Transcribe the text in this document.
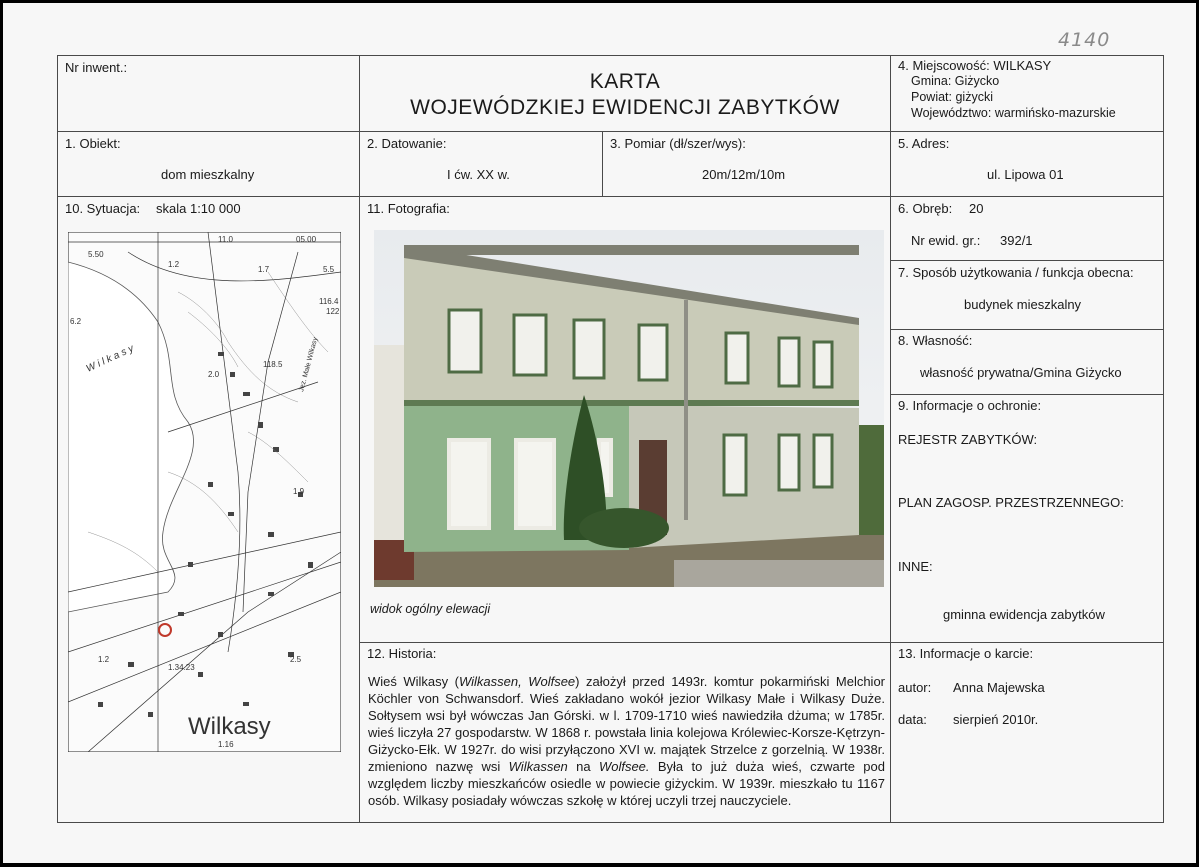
4140
Nr inwent.:
KARTA
WOJEWÓDZKIEJ EWIDENCJI ZABYTKÓW
4. Miejscowość: WILKASY
Gmina: Giżycko
Powiat: giżycki
Województwo: warmińsko-mazurskie
1. Obiekt:
dom mieszkalny
2. Datowanie:
I ćw. XX w.
3. Pomiar (dł/szer/wys):
20m/12m/10m
5. Adres:
ul. Lipowa 01
10. Sytuacja: skala 1:10 000
W i l k a s y	Jez. Małe Wilkasy
5.50
1.2
1.7	5.5
116.4
122
6.2
118.5
2.0
1.9
1.34.23
1.16
2.5
1.2
11.0	05.00
Wilkasy
11. Fotografia:
widok ogólny elewacji
6. Obręb: 20
Nr ewid. gr.: 392/1
7. Sposób użytkowania / funkcja obecna:
budynek mieszkalny
8. Własność:
własność prywatna/Gmina Giżycko
9. Informacje o ochronie:
REJESTR ZABYTKÓW:
PLAN ZAGOSP. PRZESTRZENNEGO:
INNE:
gminna ewidencja zabytków
12. Historia:
Wieś Wilkasy (Wilkassen, Wolfsee) założył przed 1493r. komtur pokarmiński Melchior Köchler von Schwansdorf. Wieś zakładano wokół jezior Wilkasy Małe i Wilkasy Duże. Sołtysem wsi był wówczas Jan Górski. w l. 1709-1710 wieś nawiedziła dżuma; w 1785r. wieś liczyła 27 gospodarstw. W 1868 r. powstała linia kolejowa Królewiec-Korsze-Kętrzyn-Giżycko-Ełk. W 1927r. do wisi przyłączono XVI w. majątek Strzelce z gorzelnią. W 1938r. zmieniono nazwę wsi Wilkassen na Wolfsee. Była to już duża wieś, czwarte pod względem liczby mieszkańców osiedle w powiecie giżyckim. W 1939r. mieszkało tu 1167 osób. Wilkasy posiadały wówczas szkołę w której uczyli trzej nauczyciele.
13. Informacje o karcie:
autor: Anna Majewska
data: sierpień 2010r.
